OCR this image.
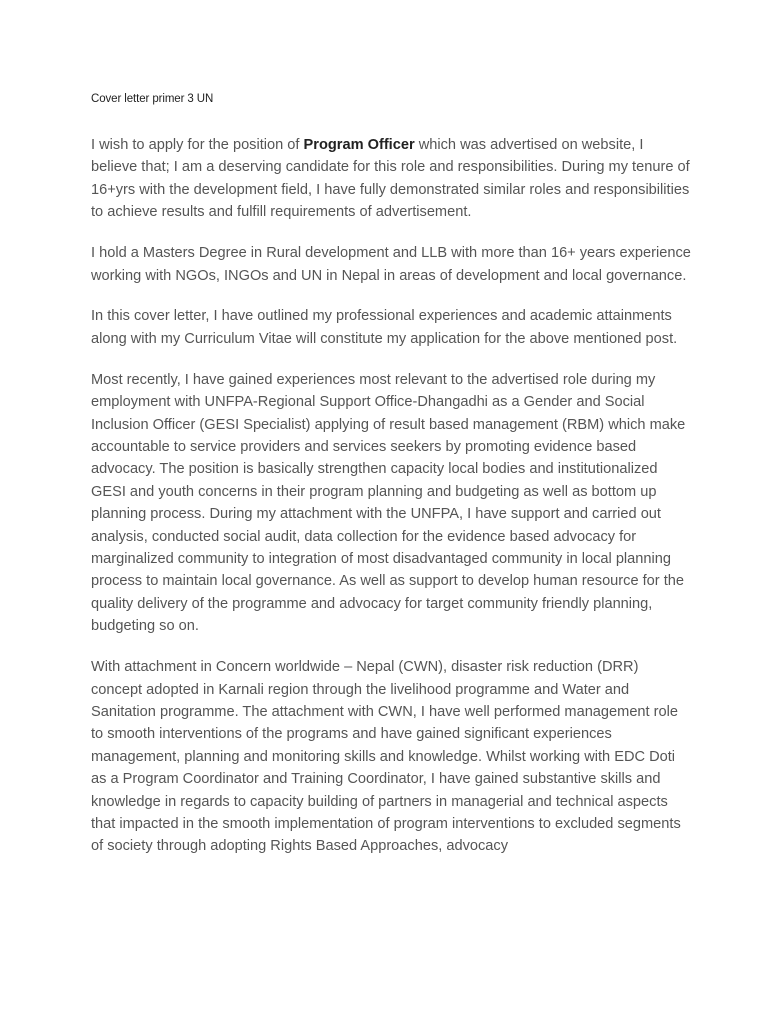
Cover letter primer 3 UN

I wish to apply for the position of Program Officer which was advertised on website, I believe that; I am a deserving candidate for this role and responsibilities. During my tenure of 16+yrs with the development field, I have fully demonstrated similar roles and responsibilities to achieve results and fulfill requirements of advertisement.

I hold a Masters Degree in Rural development and LLB with more than 16+ years experience working with NGOs, INGOs and UN in Nepal in areas of development and local governance.

In this cover letter, I have outlined my professional experiences and academic attainments along with my Curriculum Vitae will constitute my application for the above mentioned post.

Most recently, I have gained experiences most relevant to the advertised role during my employment with UNFPA-Regional Support Office-Dhangadhi as a Gender and Social Inclusion Officer (GESI Specialist) applying of result based management (RBM) which make accountable to service providers and services seekers by promoting evidence based advocacy. The position is basically strengthen capacity local bodies and institutionalized GESI and youth concerns in their program planning and budgeting as well as bottom up planning process. During my attachment with the UNFPA, I have support and carried out analysis, conducted social audit, data collection for the evidence based advocacy for marginalized community to integration of most disadvantaged community in local planning process to maintain local governance. As well as support to develop human resource for the quality delivery of the programme and advocacy for target community friendly planning, budgeting so on.

With attachment in Concern worldwide – Nepal (CWN), disaster risk reduction (DRR) concept adopted in Karnali region through the livelihood programme and Water and Sanitation programme. The attachment with CWN, I have well performed management role to smooth interventions of the programs and have gained significant experiences management, planning and monitoring skills and knowledge. Whilst working with EDC Doti as a Program Coordinator and Training Coordinator, I have gained substantive skills and knowledge in regards to capacity building of partners in managerial and technical aspects that impacted in the smooth implementation of program interventions to excluded segments of society through adopting Rights Based Approaches, advocacy
